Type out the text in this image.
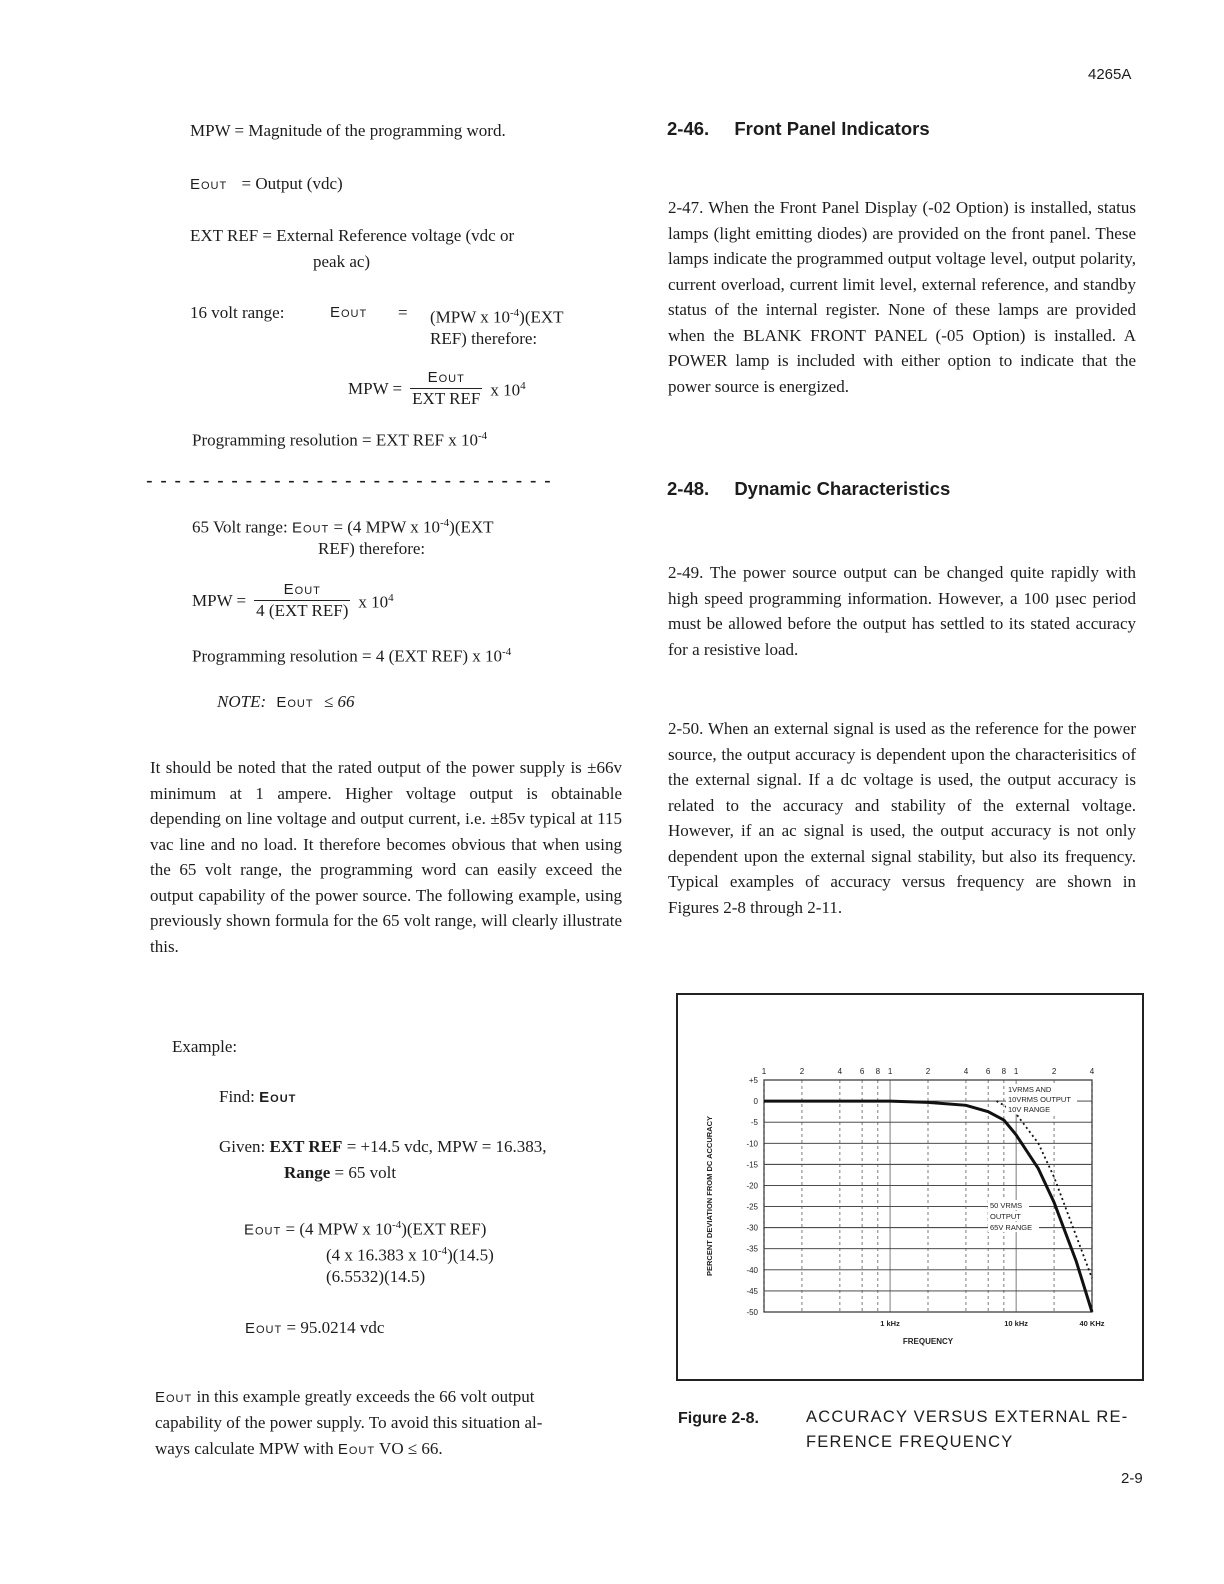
4265A
MPW = Magnitude of the programming word.
Eout = Output (vdc)
EXT REF = External Reference voltage (vdc or
peak ac)
16 volt range:	Eout = (MPW x $10^{-4})(EXT$
REF) therefore:
MPW = $\frac{\text{Eout}}{\text{EXT REF}}$ x $10^4$
Programming resolution = EXT REF x $10^{-4}$
- - - - - - - - - - - - - - - - - - - - - - - - - - - - -
65 Volt range: Eout = (4 MPW x $10^{-4})(EXT$
REF) therefore:
MPW = $\frac{\text{Eout}}{\text{4 (EXT REF)}}$ x $10^4$
Programming resolution = 4 (EXT REF) x $10^{-4}$
NOTE: Eout ≤ 66
It should be noted that the rated output of the power supply is ±66v minimum at 1 ampere. Higher voltage output is obtainable depending on line voltage and output current, i.e. ±85v typical at 115 vac line and no load. It therefore becomes obvious that when using the 65 volt range, the programming word can easily exceed the output capability of the power source. The following example, using previously shown formula for the 65 volt range, will clearly illustrate this.
Example:
Find: Eout
Given: EXT REF = +14.5 vdc, MPW = 16.383,
Range = 65 volt
Eout = (4 MPW x $10^{-4})(EXT$ REF)
(4 x 16.383 x $10^{-4})(14.5)$
(6.5532)(14.5)
Eout = 95.0214 vdc
Eout in this example greatly exceeds the 66 volt output
capability of the power supply. To avoid this situation al-
ways calculate MPW with Eout VO ≤ 66.
2-46. Front Panel Indicators
2-47. When the Front Panel Display (-02 Option) is installed, status lamps (light emitting diodes) are provided on the front panel. These lamps indicate the programmed output voltage level, output polarity, current overload, current limit level, external reference, and standby status of the internal register. None of these lamps are provided when the BLANK FRONT PANEL (-05 Option) is installed. A POWER lamp is included with either option to indicate that the power source is energized.
2-48. Dynamic Characteristics
2-49. The power source output can be changed quite rapidly with high speed programming information. However, a 100 µsec period must be allowed before the output has settled to its stated accuracy for a resistive load.
2-50. When an external signal is used as the reference for the power source, the output accuracy is dependent upon the characterisitics of the external signal. If a dc voltage is used, the output accuracy is related to the accuracy and stability of the external voltage. However, if an ac signal is used, the output accuracy is not only dependent upon the external signal stability, but also its frequency. Typical examples of accuracy versus frequency are shown in Figures 2-8 through 2-11.
+5
0
-5
-10
-15
-20
-25
-30
-35
-40
-45
-50
1	2	4 6 8 1	2	4 6 8 1	2	4
1 kHz	10 kHz	40 KHz
FREQUENCY
PERCENT DEVIATION FROM DC ACCURACY
1VRMS AND
10VRMS OUTPUT
10V RANGE
50 VRMS
OUTPUT
65V RANGE
Figure 2-8.	ACCURACY VERSUS EXTERNAL RE-
FERENCE FREQUENCY
2-9
